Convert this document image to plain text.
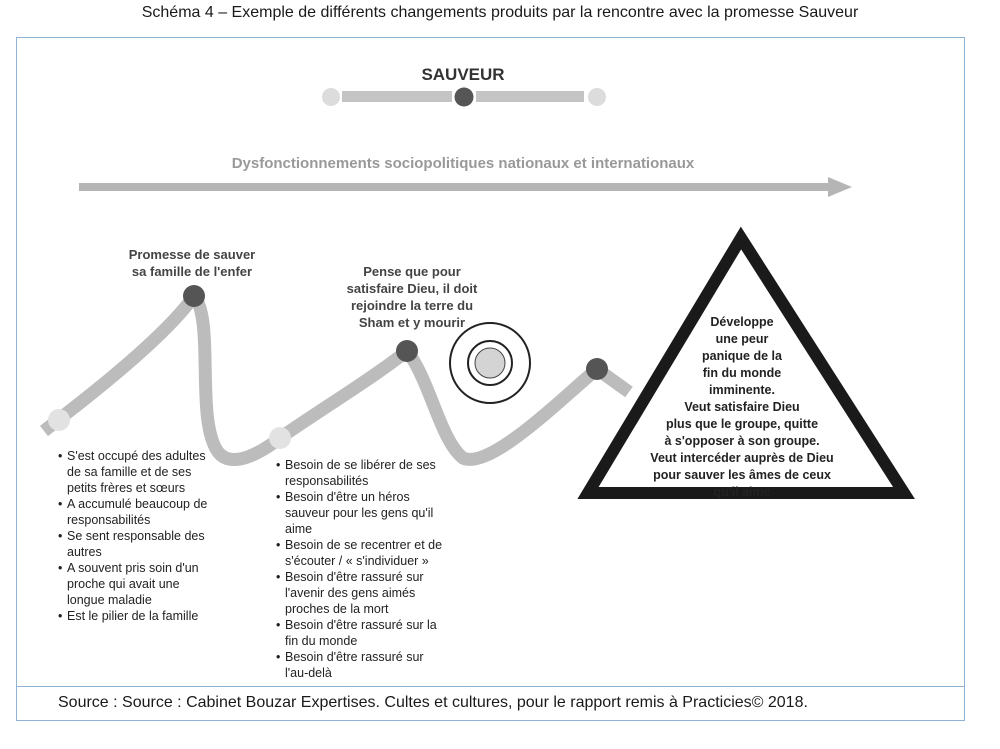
Schéma 4 – Exemple de différents changements produits par la rencontre avec la promesse Sauveur
SAUVEUR
Dysfonctionnements sociopolitiques nationaux et internationaux
Promesse de sauver
sa famille de l'enfer	Pense que pour
satisfaire Dieu, il doit
rejoindre la terre du
Sham et y mourir	Développe
une peur
panique de la
fin du monde
imminente.
Veut satisfaire Dieu
plus que le groupe, quitte
à s'opposer à son groupe.
Veut intercéder auprès de Dieu
pour sauver les âmes de ceux
qu'il aime
• S'est occupé des adultes de sa famille et de ses petits frères et sœurs
• A accumulé beaucoup de responsabilités
• Se sent responsable des autres
• A souvent pris soin d'un proche qui avait une longue maladie
• Est le pilier de la famille
• Besoin de se libérer de ses responsabilités
• Besoin d'être un héros sauveur pour les gens qu'il aime
• Besoin de se recentrer et de s'écouter / « s'individuer »
• Besoin d'être rassuré sur l'avenir des gens aimés proches de la mort
• Besoin d'être rassuré sur la fin du monde
• Besoin d'être rassuré sur l'au-delà
Source : Source : Cabinet Bouzar Expertises. Cultes et cultures, pour le rapport remis à Practicies© 2018.
